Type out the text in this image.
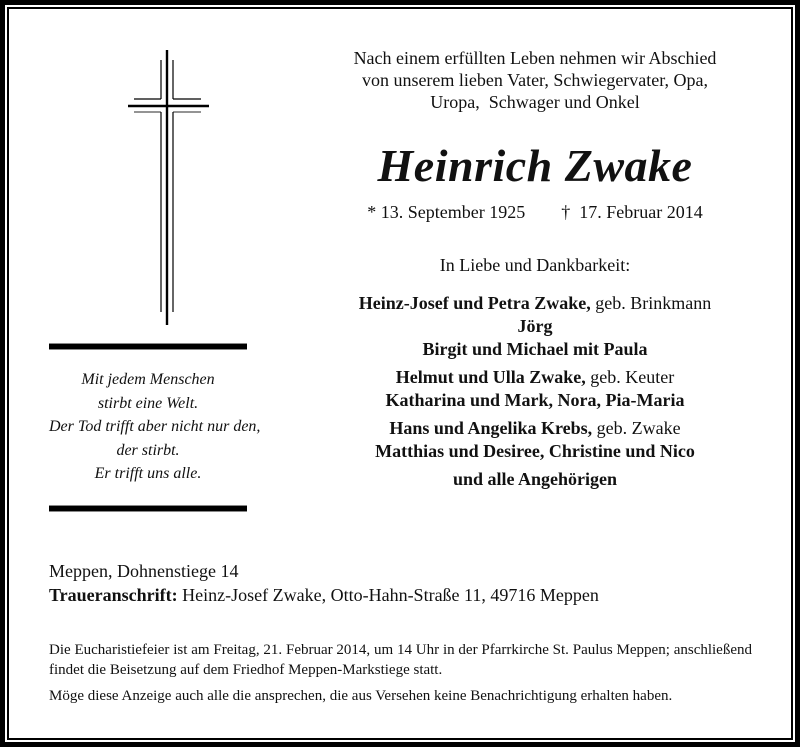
Mit jedem Menschen
stirbt eine Welt.
Der Tod trifft aber nicht nur den,
der stirbt.
Er trifft uns alle.
Nach einem erfüllten Leben nehmen wir Abschied
von unserem lieben Vater, Schwiegervater, Opa,
Uropa,  Schwager und Onkel
Heinrich Zwake
* 13. September 1925 †  17. Februar 2014
In Liebe und Dankbarkeit:
Heinz-Josef und Petra Zwake, geb. Brinkmann
Jörg
Birgit und Michael mit Paula
Helmut und Ulla Zwake, geb. Keuter
Katharina und Mark, Nora, Pia-Maria
Hans und Angelika Krebs, geb. Zwake
Matthias und Desiree, Christine und Nico
und alle Angehörigen
Meppen, Dohnenstiege 14
Traueranschrift: Heinz-Josef Zwake, Otto-Hahn-Straße 11, 49716 Meppen

Die Eucharistiefeier ist am Freitag, 21. Februar 2014, um 14 Uhr in der Pfarrkirche St. Paulus Meppen; anschließend findet die Beisetzung auf dem Friedhof Meppen-Markstiege statt.

Möge diese Anzeige auch alle die ansprechen, die aus Versehen keine Benachrichtigung erhalten haben.
